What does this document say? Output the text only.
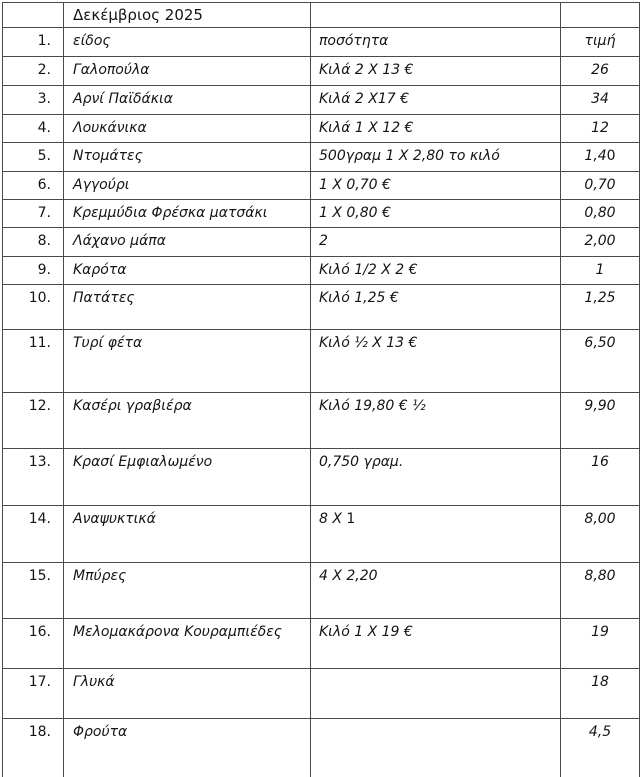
	Δεκέμβριος 2025		
1.	είδος	ποσότητα	τιμή
2.	Γαλοπούλα	Κιλά 2 X 13 €	26
3.	Αρνί Παϊδάκια	Κιλά 2 X17 €	34
4.	Λουκάνικα	Κιλά 1 X 12 €	12
5.	Ντομάτες	500γραμ 1 X 2,80 το κιλό	1,40
6.	Αγγούρι	1 X 0,70 €	0,70
7.	Κρεμμύδια Φρέσκα ματσάκι	1 X 0,80 €	0,80
8.	Λάχανο μάπα	2	2,00
9.	Καρότα	Κιλό 1/2 X 2 €	1
10.	Πατάτες	Κιλό 1,25 €	1,25
11.	Τυρί φέτα	Κιλό ½ X 13 €	6,50
12.	Κασέρι γραβιέρα	Κιλό 19,80 € ½	9,90
13.	Κρασί Εμφιαλωμένο	0,750 γραμ.	16
14.	Αναψυκτικά	8 X 1	8,00
15.	Μπύρες	4 X 2,20	8,80
16.	Μελομακάρονα Κουραμπιέδες	Κιλό 1 X 19 €	19
17.	Γλυκά		18
18.	Φρούτα		4,5
